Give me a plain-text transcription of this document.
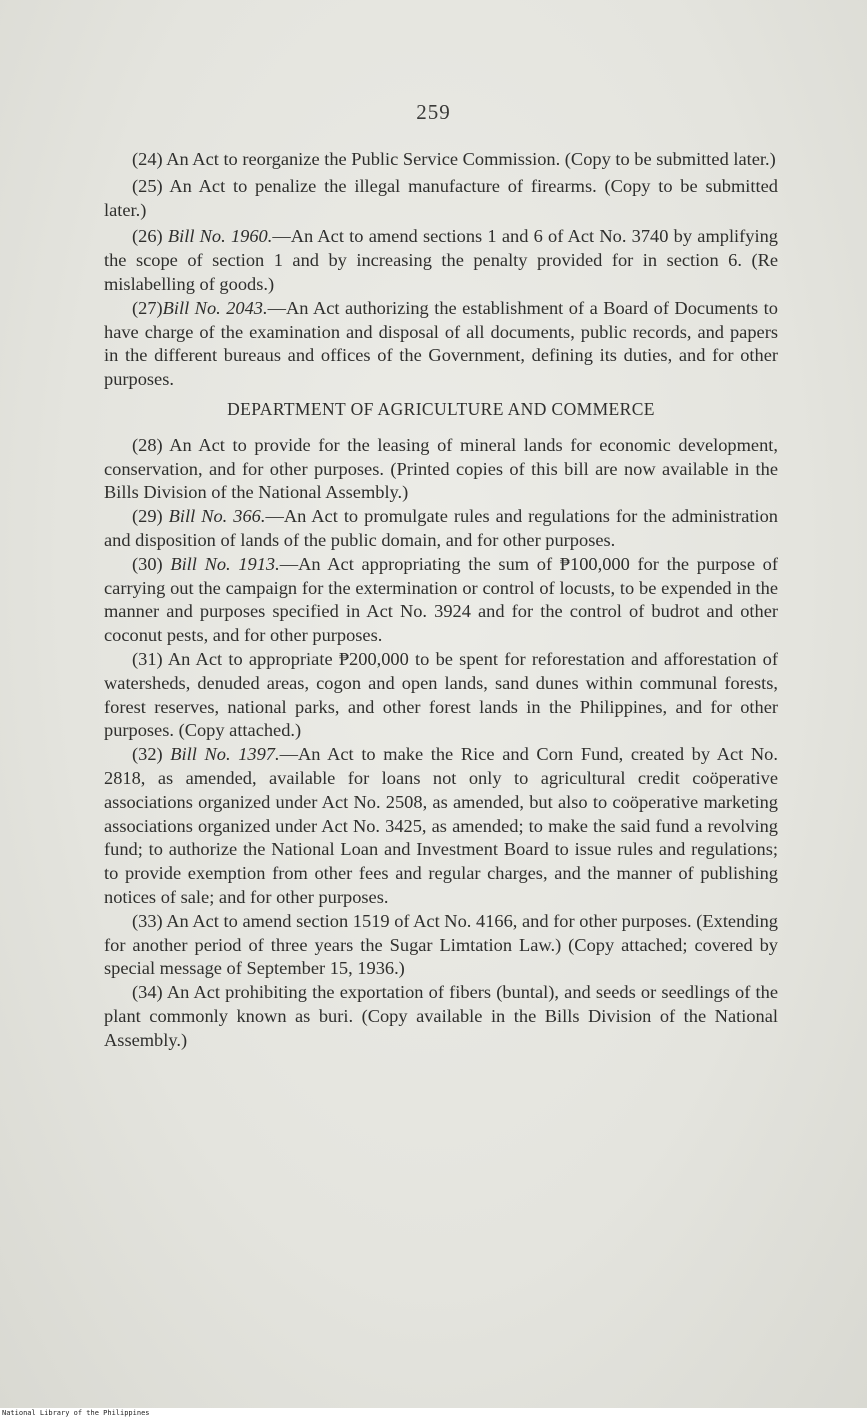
259

(24) An Act to reorganize the Public Service Commission. (Copy to be submitted later.)

(25) An Act to penalize the illegal manufacture of firearms. (Copy to be submitted later.)

(26) Bill No. 1960.—An Act to amend sections 1 and 6 of Act No. 3740 by amplifying the scope of section 1 and by increasing the penalty provided for in section 6. (Re mislabelling of goods.)

(27)Bill No. 2043.—An Act authorizing the establishment of a Board of Documents to have charge of the examination and disposal of all documents, public records, and papers in the different bureaus and offices of the Government, defining its duties, and for other purposes.

DEPARTMENT OF AGRICULTURE AND COMMERCE

(28) An Act to provide for the leasing of mineral lands for economic development, conservation, and for other purposes. (Printed copies of this bill are now available in the Bills Division of the National Assembly.)

(29) Bill No. 366.—An Act to promulgate rules and regulations for the administration and disposition of lands of the public domain, and for other purposes.

(30) Bill No. 1913.—An Act appropriating the sum of ₱100,000 for the purpose of carrying out the campaign for the extermination or control of locusts, to be expended in the manner and purposes specified in Act No. 3924 and for the control of budrot and other coconut pests, and for other purposes.

(31) An Act to appropriate ₱200,000 to be spent for reforestation and afforestation of watersheds, denuded areas, cogon and open lands, sand dunes within communal forests, forest reserves, national parks, and other forest lands in the Philippines, and for other purposes. (Copy attached.)

(32) Bill No. 1397.—An Act to make the Rice and Corn Fund, created by Act No. 2818, as amended, available for loans not only to agricultural credit coöperative associations organized under Act No. 2508, as amended, but also to coöperative marketing associations organized under Act No. 3425, as amended; to make the said fund a revolving fund; to authorize the National Loan and Investment Board to issue rules and regulations; to provide exemption from other fees and regular charges, and the manner of publishing notices of sale; and for other purposes.

(33) An Act to amend section 1519 of Act No. 4166, and for other purposes. (Extending for another period of three years the Sugar Limtation Law.) (Copy attached; covered by special message of September 15, 1936.)

(34) An Act prohibiting the exportation of fibers (buntal), and seeds or seedlings of the plant commonly known as buri. (Copy available in the Bills Division of the National Assembly.)

National Library of the Philippines
